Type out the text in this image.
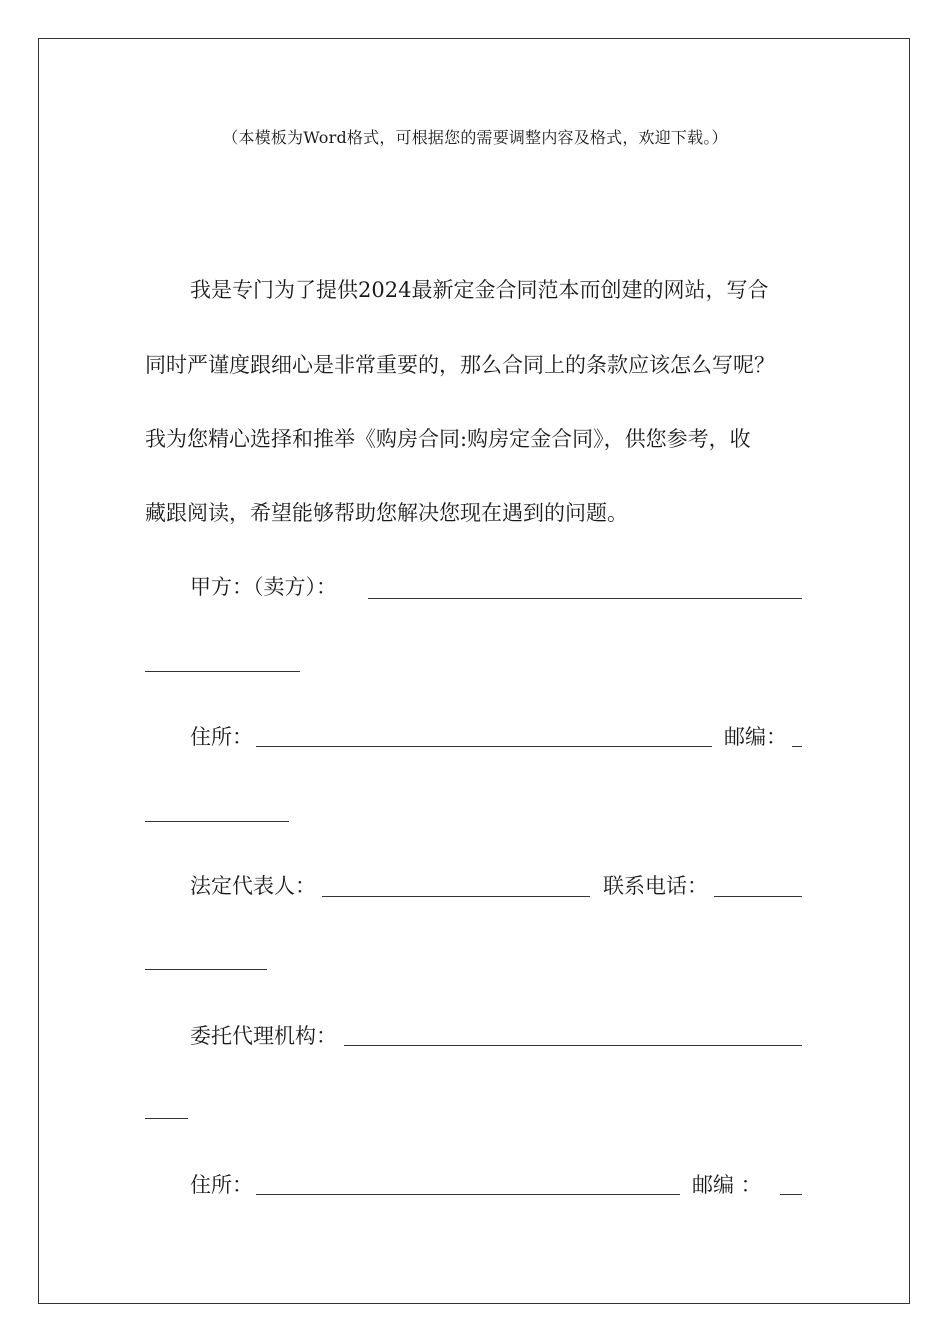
（本模板为Word格式，可根据您的需要调整内容及格式，欢迎下载。）
我是专门为了提供2024最新定金合同范本而创建的网站，写合
同时严谨度跟细心是非常重要的，那么合同上的条款应该怎么写呢？
我为您精心选择和推举《购房合同:购房定金合同》，供您参考，收
藏跟阅读，希望能够帮助您解决您现在遇到的问题。
甲方：（卖方）：
住所：	邮编：
法定代表人：	联系电话：
委托代理机构：
住所：	邮编 ：
